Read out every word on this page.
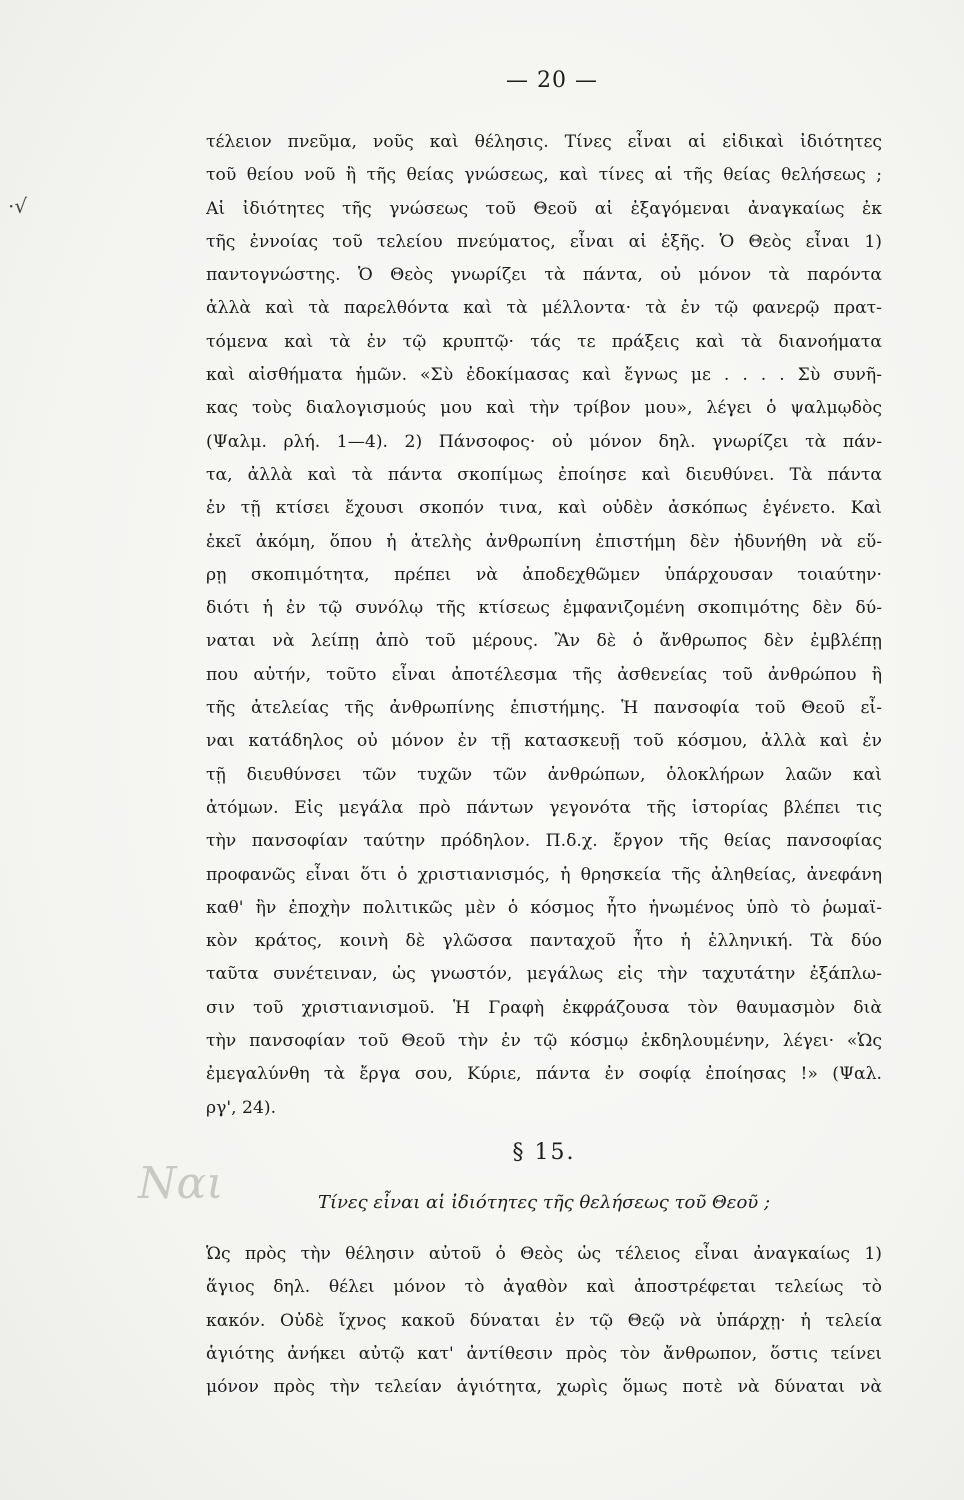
·√

— 20 —

τέλειον πνεῦμα, νοῦς καὶ θέλησις. Τίνες εἶναι αἱ εἰδικαὶ ἰδιότητες
τοῦ θείου νοῦ ἢ τῆς θείας γνώσεως, καὶ τίνες αἱ τῆς θείας θελήσεως ;
Αἱ ἰδιότητες τῆς γνώσεως τοῦ Θεοῦ αἱ ἐξαγόμεναι ἀναγκαίως ἐκ
τῆς ἐννοίας τοῦ τελείου πνεύματος, εἶναι αἱ ἑξῆς. Ὁ Θεὸς εἶναι 1)
παντογνώστης. Ὁ Θεὸς γνωρίζει τὰ πάντα, οὐ μόνον τὰ παρόντα
ἀλλὰ καὶ τὰ παρελθόντα καὶ τὰ μέλλοντα· τὰ ἐν τῷ φανερῷ πρατ-
τόμενα καὶ τὰ ἐν τῷ κρυπτῷ· τάς τε πράξεις καὶ τὰ διανοήματα
καὶ αἰσθήματα ἡμῶν. «Σὺ ἐδοκίμασας καὶ ἔγνως με . . . . Σὺ συνῆ-
κας τοὺς διαλογισμούς μου καὶ τὴν τρίβον μου», λέγει ὁ ψαλμῳδὸς
(Ψαλμ. ρλή. 1—4). 2) Πάνσοφος· οὐ μόνον δηλ. γνωρίζει τὰ πάν-
τα, ἀλλὰ καὶ τὰ πάντα σκοπίμως ἐποίησε καὶ διευθύνει. Τὰ πάντα
ἐν τῇ κτίσει ἔχουσι σκοπόν τινα, καὶ οὐδὲν ἀσκόπως ἐγένετο. Καὶ
ἐκεῖ ἀκόμη, ὅπου ἡ ἀτελὴς ἀνθρωπίνη ἐπιστήμη δὲν ἠδυνήθη νὰ εὕ-
ρῃ σκοπιμότητα, πρέπει νὰ ἀποδεχθῶμεν ὑπάρχουσαν τοιαύτην·
διότι ἡ ἐν τῷ συνόλῳ τῆς κτίσεως ἐμφανιζομένη σκοπιμότης δὲν δύ-
ναται νὰ λείπῃ ἀπὸ τοῦ μέρους. Ἂν δὲ ὁ ἄνθρωπος δὲν ἐμβλέπῃ
που αὐτήν, τοῦτο εἶναι ἀποτέλεσμα τῆς ἀσθενείας τοῦ ἀνθρώπου ἢ
τῆς ἀτελείας τῆς ἀνθρωπίνης ἐπιστήμης. Ἡ πανσοφία τοῦ Θεοῦ εἶ-
ναι κατάδηλος οὐ μόνον ἐν τῇ κατασκευῇ τοῦ κόσμου, ἀλλὰ καὶ ἐν
τῇ διευθύνσει τῶν τυχῶν τῶν ἀνθρώπων, ὁλοκλήρων λαῶν καὶ
ἀτόμων. Εἰς μεγάλα πρὸ πάντων γεγονότα τῆς ἱστορίας βλέπει τις
τὴν πανσοφίαν ταύτην πρόδηλον. Π.δ.χ. ἔργον τῆς θείας πανσοφίας
προφανῶς εἶναι ὅτι ὁ χριστιανισμός, ἡ θρησκεία τῆς ἀληθείας, ἀνεφάνη
καθ' ἣν ἐποχὴν πολιτικῶς μὲν ὁ κόσμος ἦτο ἡνωμένος ὑπὸ τὸ ῥωμαϊ-
κὸν κράτος, κοινὴ δὲ γλῶσσα πανταχοῦ ἦτο ἡ ἑλληνική. Τὰ δύο
ταῦτα συνέτειναν, ὡς γνωστόν, μεγάλως εἰς τὴν ταχυτάτην ἐξάπλω-
σιν τοῦ χριστιανισμοῦ. Ἡ Γραφὴ ἐκφράζουσα τὸν θαυμασμὸν διὰ
τὴν πανσοφίαν τοῦ Θεοῦ τὴν ἐν τῷ κόσμῳ ἐκδηλουμένην, λέγει· «Ὡς
ἐμεγαλύνθη τὰ ἔργα σου, Κύριε, πάντα ἐν σοφίᾳ ἐποίησας !» (Ψαλ.
ργ', 24).
Ναι

§ 15.

Τίνες εἶναι αἱ ἰδιότητες τῆς θελήσεως τοῦ Θεοῦ ;

Ὡς πρὸς τὴν θέλησιν αὐτοῦ ὁ Θεὸς ὡς τέλειος εἶναι ἀναγκαίως 1)
ἅγιος δηλ. θέλει μόνον τὸ ἀγαθὸν καὶ ἀποστρέφεται τελείως τὸ
κακόν. Οὐδὲ ἴχνος κακοῦ δύναται ἐν τῷ Θεῷ νὰ ὑπάρχῃ· ἡ τελεία
ἁγιότης ἀνήκει αὐτῷ κατ' ἀντίθεσιν πρὸς τὸν ἄνθρωπον, ὅστις τείνει
μόνον πρὸς τὴν τελείαν ἁγιότητα, χωρὶς ὅμως ποτὲ νὰ δύναται νὰ
